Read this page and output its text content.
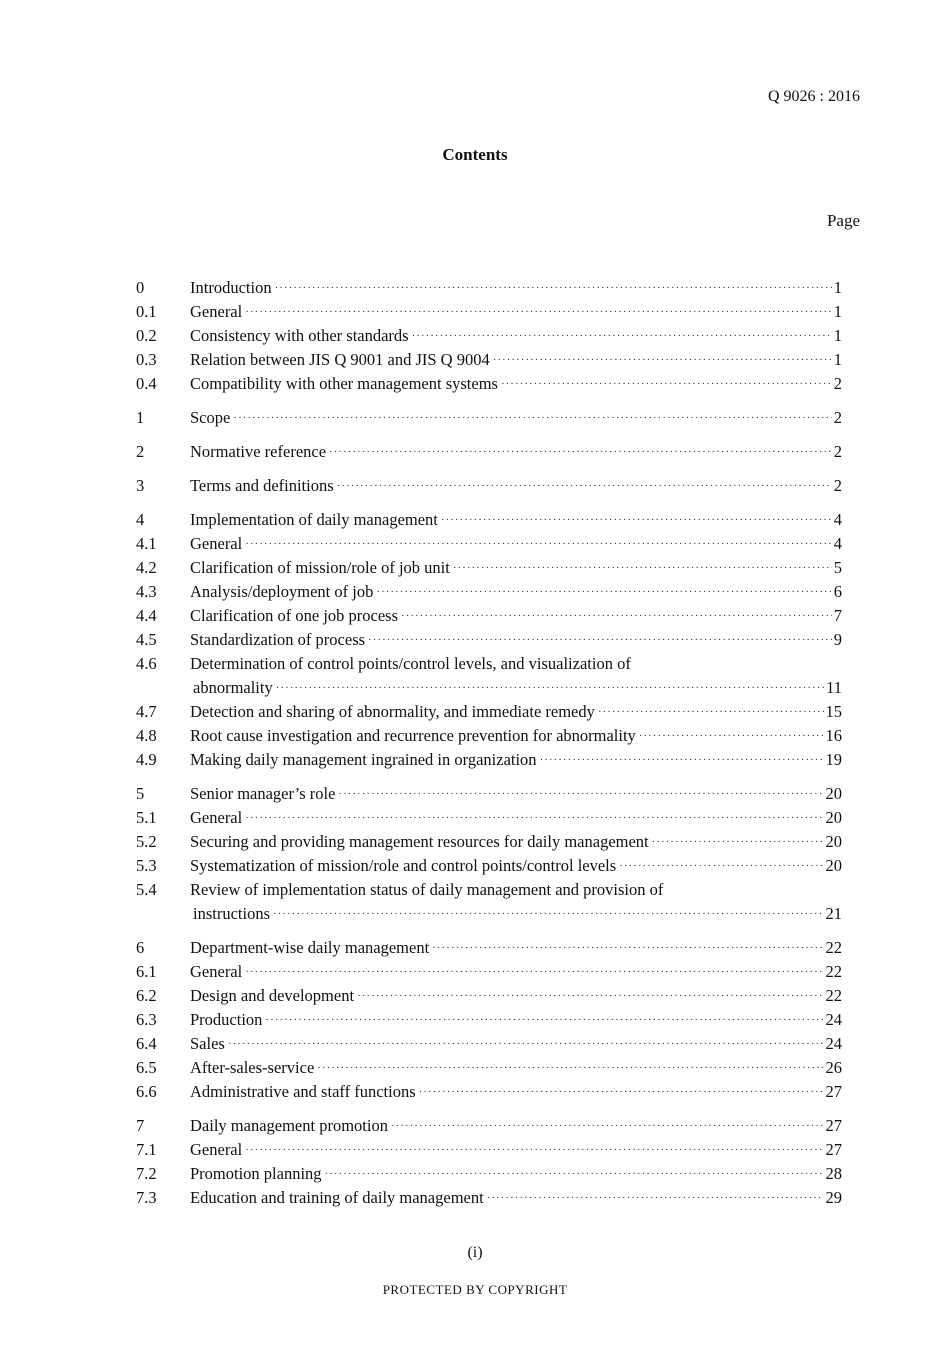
Q 9026 : 2016
Contents
Page
0	Introduction ·····	1
0.1 General ·····	1
0.2 Consistency with other standards ·····	1
0.3 Relation between JIS Q 9001 and JIS Q 9004 ·····	1
0.4 Compatibility with other management systems ·····	2
1	Scope ·····	2
2	Normative reference ·····	2
3	Terms and definitions ·····	2
4	Implementation of daily management ·····	4
4.1 General ·····	4
4.2 Clarification of mission/role of job unit ·····	5
4.3 Analysis/deployment of job ·····	6
4.4 Clarification of one job process ·····	7
4.5 Standardization of process ·····	9
4.6 Determination of control points/control levels, and visualization of
abnormality ·····	11
4.7 Detection and sharing of abnormality, and immediate remedy ·····	15
4.8 Root cause investigation and recurrence prevention for abnormality ·····	16
4.9 Making daily management ingrained in organization ·····	19
5	Senior manager’s role ·····	20
5.1 General ·····	20
5.2 Securing and providing management resources for daily management ·····	20
5.3 Systematization of mission/role and control points/control levels ·····	20
5.4 Review of implementation status of daily management and provision of
instructions ·····	21
6	Department-wise daily management ·····	22
6.1 General ·····	22
6.2 Design and development ·····	22
6.3 Production ·····	24
6.4 Sales ·····	24
6.5 After-sales-service ·····	26
6.6 Administrative and staff functions ·····	27
7	Daily management promotion ·····	27
7.1 General ·····	27
7.2 Promotion planning ·····	28
7.3 Education and training of daily management ·····	29
(i)
PROTECTED BY COPYRIGHT
